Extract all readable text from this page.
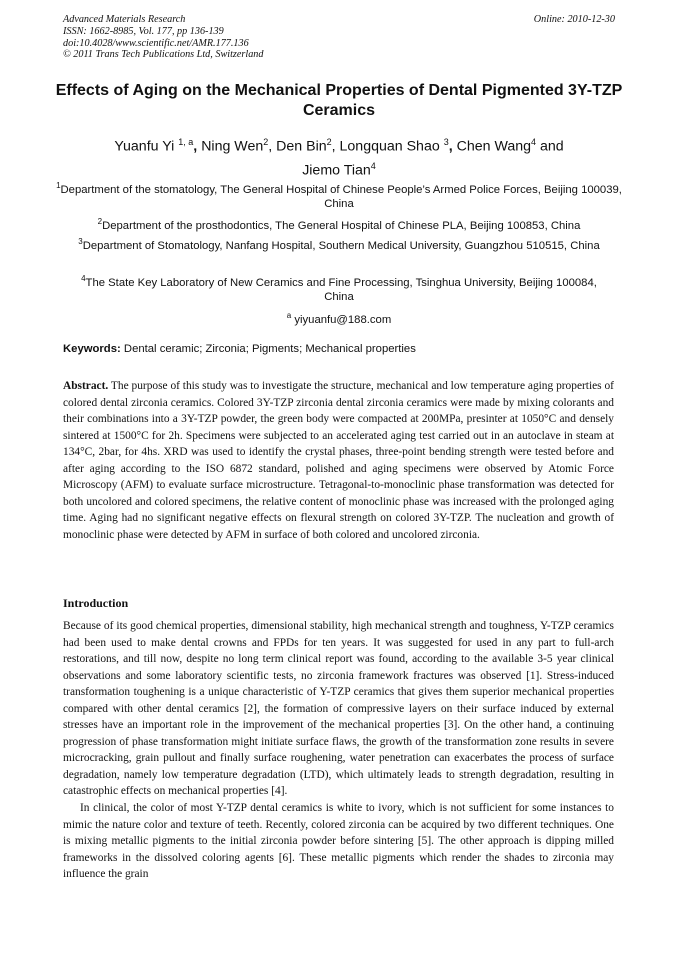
Advanced Materials Research
ISSN: 1662-8985, Vol. 177, pp 136-139
doi:10.4028/www.scientific.net/AMR.177.136
© 2011 Trans Tech Publications Ltd, Switzerland
Online: 2010-12-30
Effects of Aging on the Mechanical Properties of Dental Pigmented 3Y-TZP Ceramics
Yuanfu Yi $^{1, a}$, Ning Wen$^2$, Den Bin$^2$, Longquan Shao $^3$, Chen Wang$^4$ and
Jiemo Tian$^4$
$^1$Department of the stomatology, The General Hospital of Chinese People’s Armed Police Forces, Beijing 100039, China
$^2$Department of the prosthodontics, The General Hospital of Chinese PLA, Beijing 100853, China
$^3$Department of Stomatology, Nanfang Hospital, Southern Medical University, Guangzhou 510515, China
$^4$The State Key Laboratory of New Ceramics and Fine Processing, Tsinghua University, Beijing 100084, China
$^a$ yiyuanfu@188.com
Keywords: Dental ceramic; Zirconia; Pigments; Mechanical properties
Abstract. The purpose of this study was to investigate the structure, mechanical and low temperature aging properties of colored dental zirconia ceramics. Colored 3Y-TZP zirconia dental zirconia ceramics were made by mixing colorants and their combinations into a 3Y-TZP powder, the green body were compacted at 200MPa, presinter at 1050°C and densely sintered at 1500°C for 2h. Specimens were subjected to an accelerated aging test carried out in an autoclave in steam at 134°C, 2bar, for 4hs. XRD was used to identify the crystal phases, three-point bending strength were tested before and after aging according to the ISO 6872 standard, polished and aging specimens were observed by Atomic Force Microscopy (AFM) to evaluate surface microstructure. Tetragonal-to-monoclinic phase transformation was detected for both uncolored and colored specimens, the relative content of monoclinic phase was increased with the prolonged aging time. Aging had no significant negative effects on flexural strength on colored 3Y-TZP. The nucleation and growth of monoclinic phase were detected by AFM in surface of both colored and uncolored zirconia.
Introduction
Because of its good chemical properties, dimensional stability, high mechanical strength and toughness, Y-TZP ceramics had been used to make dental crowns and FPDs for ten years. It was suggested for used in any part to full-arch restorations, and till now, despite no long term clinical report was found, according to the available 3-5 year clinical observations and some laboratory scientific tests, no zirconia framework fractures was observed [1]. Stress-induced transformation toughening is a unique characteristic of Y-TZP ceramics that gives them superior mechanical properties compared with other dental ceramics [2], the formation of compressive layers on their surface induced by external stresses have an important role in the improvement of the mechanical properties [3]. On the other hand, a continuing progression of phase transformation might initiate surface flaws, the growth of the transformation zone results in severe microcracking, grain pullout and finally surface roughening, water penetration can exacerbates the process of surface degradation, namely low temperature degradation (LTD), which ultimately leads to strength degradation, resulting in catastrophic effects on mechanical properties [4].
In clinical, the color of most Y-TZP dental ceramics is white to ivory, which is not sufficient for some instances to mimic the nature color and texture of teeth. Recently, colored zirconia can be acquired by two different techniques. One is mixing metallic pigments to the initial zirconia powder before sintering [5]. The other approach is dipping milled frameworks in the dissolved coloring agents [6]. These metallic pigments which render the shades to zirconia may influence the grain
